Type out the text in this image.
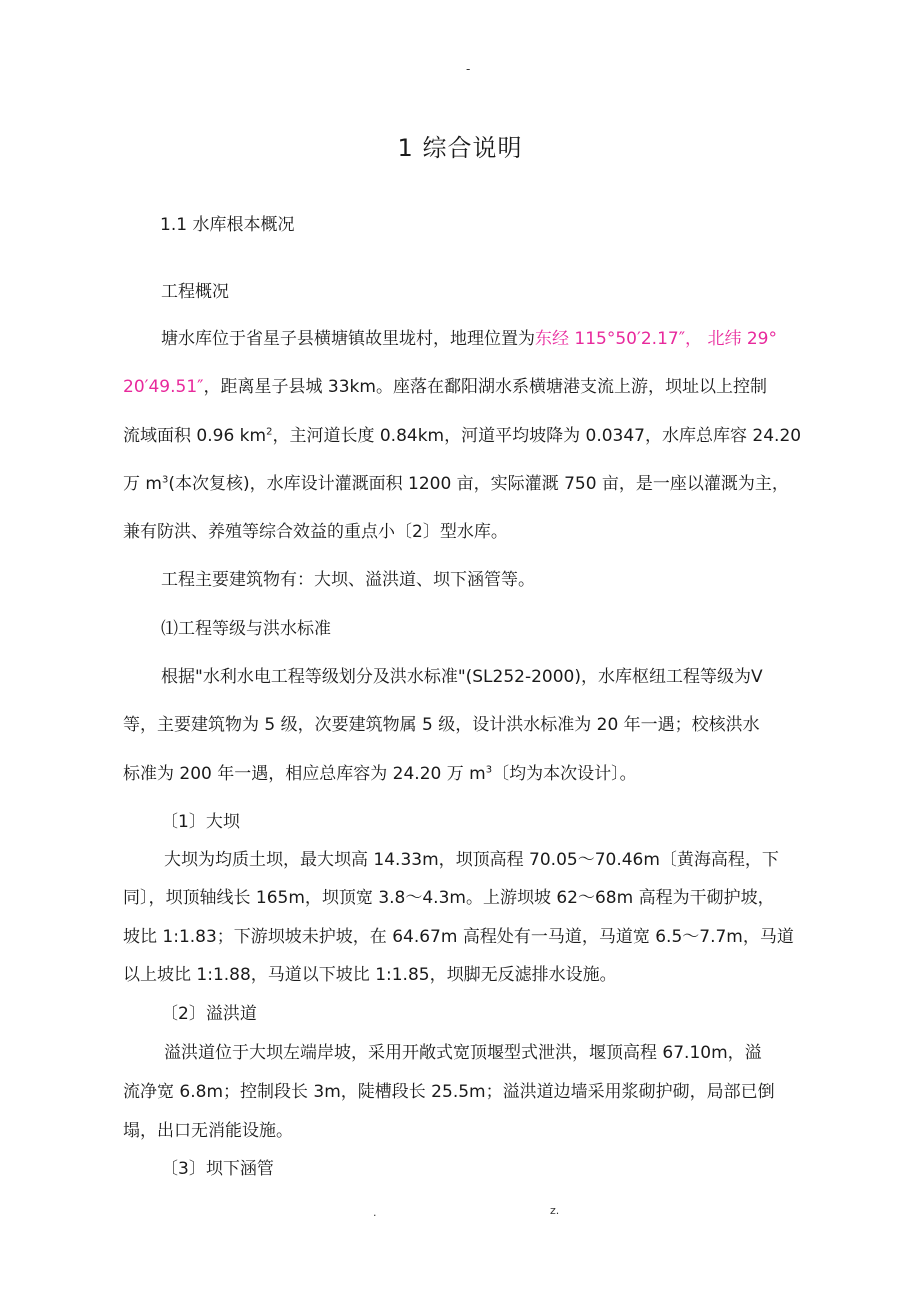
-
1 综合说明
1.1 水库根本概况
工程概况
塘水库位于省星子县横塘镇故里垅村，地理位置为东经 115°50′2.17″， 北纬 29°
20′49.51″，距离星子县城 33km。座落在鄱阳湖水系横塘港支流上游，坝址以上控制
流域面积 0.96 $km^2$，主河道长度 0.84km，河道平均坡降为 0.0347，水库总库容 24.20
万 $m^3$(本次复核)，水库设计灌溉面积 1200 亩，实际灌溉 750 亩，是一座以灌溉为主，
兼有防洪、养殖等综合效益的重点小〔2〕型水库。
工程主要建筑物有：大坝、溢洪道、坝下涵管等。
⑴工程等级与洪水标准
根据"水利水电工程等级划分及洪水标准"(SL252-2000)，水库枢纽工程等级为Ⅴ
等，主要建筑物为 5 级，次要建筑物属 5 级，设计洪水标准为 20 年一遇；校核洪水
标准为 200 年一遇，相应总库容为 24.20 万 $m^3$〔均为本次设计〕。
〔1〕大坝
大坝为均质土坝，最大坝高 14.33m，坝顶高程 70.05～70.46m〔黄海高程，下
同〕，坝顶轴线长 165m，坝顶宽 3.8～4.3m。上游坝坡 62～68m 高程为干砌护坡，
坡比 1:1.83；下游坝坡未护坡，在 64.67m 高程处有一马道，马道宽 6.5～7.7m，马道
以上坡比 1:1.88，马道以下坡比 1:1.85，坝脚无反滤排水设施。
〔2〕溢洪道
溢洪道位于大坝左端岸坡，采用开敞式宽顶堰型式泄洪，堰顶高程 67.10m，溢
流净宽 6.8m；控制段长 3m，陡槽段长 25.5m；溢洪道边墙采用浆砌护砌，局部已倒
塌，出口无消能设施。
〔3〕坝下涵管
.	z.
